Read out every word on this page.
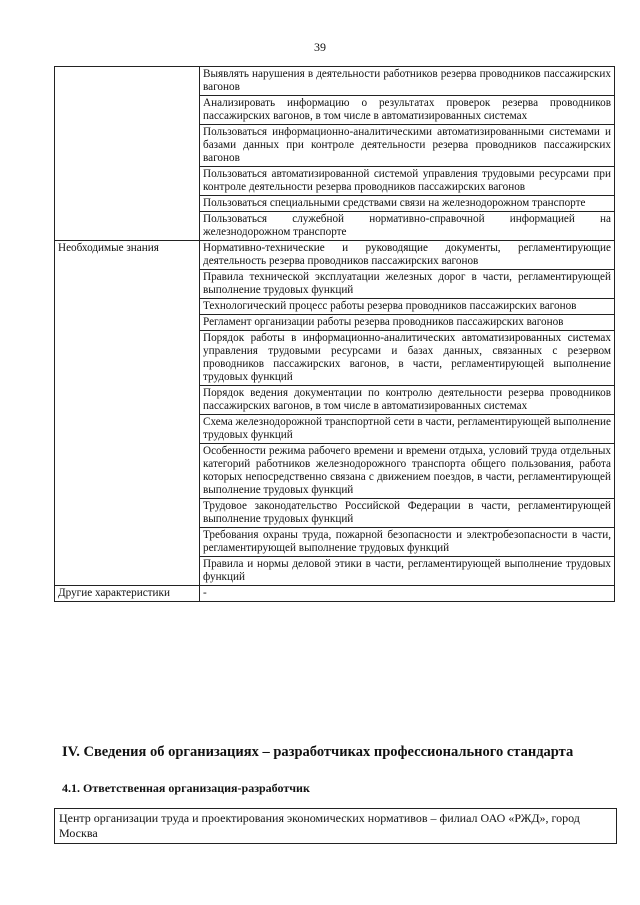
39
	Выявлять нарушения в деятельности работников резерва проводников пассажирских вагонов
	Анализировать информацию о результатах проверок резерва проводников пассажирских вагонов, в том числе в автоматизированных системах
	Пользоваться информационно-аналитическими автоматизированными системами и базами данных при контроле деятельности резерва проводников пассажирских вагонов
	Пользоваться автоматизированной системой управления трудовыми ресурсами при контроле деятельности резерва проводников пассажирских вагонов
	Пользоваться специальными средствами связи на железнодорожном транспорте
	Пользоваться служебной нормативно-справочной информацией на железнодорожном транспорте
Необходимые знания	Нормативно-технические и руководящие документы, регламентирующие деятельность резерва проводников пассажирских вагонов
	Правила технической эксплуатации железных дорог в части, регламентирующей выполнение трудовых функций
	Технологический процесс работы резерва проводников пассажирских вагонов
	Регламент организации работы резерва проводников пассажирских вагонов
	Порядок работы в информационно-аналитических автоматизированных системах управления трудовыми ресурсами и базах данных, связанных с резервом проводников пассажирских вагонов, в части, регламентирующей выполнение трудовых функций
	Порядок ведения документации по контролю деятельности резерва проводников пассажирских вагонов, в том числе в автоматизированных системах
	Схема железнодорожной транспортной сети в части, регламентирующей выполнение трудовых функций
	Особенности режима рабочего времени и времени отдыха, условий труда отдельных категорий работников железнодорожного транспорта общего пользования, работа которых непосредственно связана с движением поездов, в части, регламентирующей выполнение трудовых функций
	Трудовое законодательство Российской Федерации в части, регламентирующей выполнение трудовых функций
	Требования охраны труда, пожарной безопасности и электробезопасности в части, регламентирующей выполнение трудовых функций
	Правила и нормы деловой этики в части, регламентирующей выполнение трудовых функций
Другие характеристики	-
IV. Сведения об организациях – разработчиках профессионального стандарта
4.1. Ответственная организация-разработчик
Центр организации труда и проектирования экономических нормативов – филиал ОАО «РЖД», город Москва
